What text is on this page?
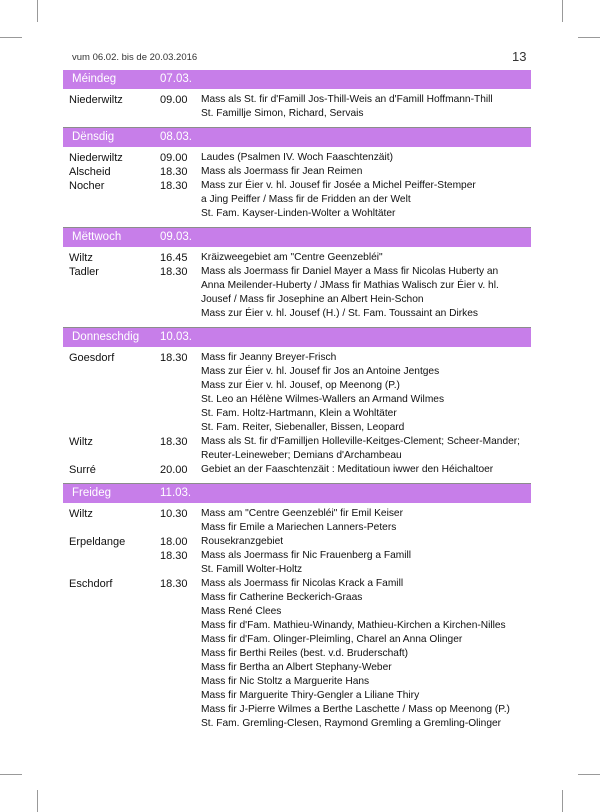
vum 06.02. bis de 20.03.2016	13
Méindeg	07.03.
Niederwiltz	09.00 Mass als St. fir d'Famill Jos-Thill-Weis an d'Famill Hoffmann-Thill
St. Famillje Simon, Richard, Servais
Dënsdig	08.03.
Niederwiltz	09.00 Laudes (Psalmen IV. Woch Faaschtenzäit)
Alscheid	18.30 Mass als Joermass fir Jean Reimen
Nocher	18.30 Mass zur Éier v. hl. Jousef fir Josée a Michel Peiffer-Stemper
a Jing Peiffer / Mass fir de Fridden an der Welt
St. Fam. Kayser-Linden-Wolter a Wohltäter
Mëttwoch	09.03.
Wiltz	16.45 Kräizweegebiet am "Centre Geenzebléi"
Tadler	18.30 Mass als Joermass fir Daniel Mayer a Mass fir Nicolas Huberty an
Anna Meilender-Huberty / JMass fir Mathias Walisch zur Éier v. hl.
Jousef / Mass fir Josephine an Albert Hein-Schon
Mass zur Éier v. hl. Jousef (H.) / St. Fam. Toussaint an Dirkes
Donneschdig 10.03.
Goesdorf	18.30 Mass fir Jeanny Breyer-Frisch
Mass zur Éier v. hl. Jousef fir Jos an Antoine Jentges
Mass zur Éier v. hl. Jousef, op Meenong (P.)
St. Leo an Hélène Wilmes-Wallers an Armand Wilmes
St. Fam. Holtz-Hartmann, Klein a Wohltäter
St. Fam. Reiter, Siebenaller, Bissen, Leopard
Wiltz	18.30 Mass als St. fir d'Familljen Holleville-Keitges-Clement; Scheer-Mander;
Reuter-Leineweber; Demians d'Archambeau
Surré	20.00 Gebiet an der Faaschtenzäit : Meditatioun iwwer den Héichaltoer
Freideg	11.03.
Wiltz	10.30 Mass am "Centre Geenzebléi" fir Emil Keiser
Mass fir Emile a Mariechen Lanners-Peters
Erpeldange	18.00 Rousekranzgebiet
18.30 Mass als Joermass fir Nic Frauenberg a Famill
St. Famill Wolter-Holtz
Eschdorf	18.30 Mass als Joermass fir Nicolas Krack a Famill
Mass fir Catherine Beckerich-Graas
Mass René Clees
Mass fir d'Fam. Mathieu-Winandy, Mathieu-Kirchen a Kirchen-Nilles
Mass fir d'Fam. Olinger-Pleimling, Charel an Anna Olinger
Mass fir Berthi Reiles (best. v.d. Bruderschaft)
Mass fir Bertha an Albert Stephany-Weber
Mass fir Nic Stoltz a Marguerite Hans
Mass fir Marguerite Thiry-Gengler a Liliane Thiry
Mass fir J-Pierre Wilmes a Berthe Laschette / Mass op Meenong (P.)
St. Fam. Gremling-Clesen, Raymond Gremling a Gremling-Olinger
